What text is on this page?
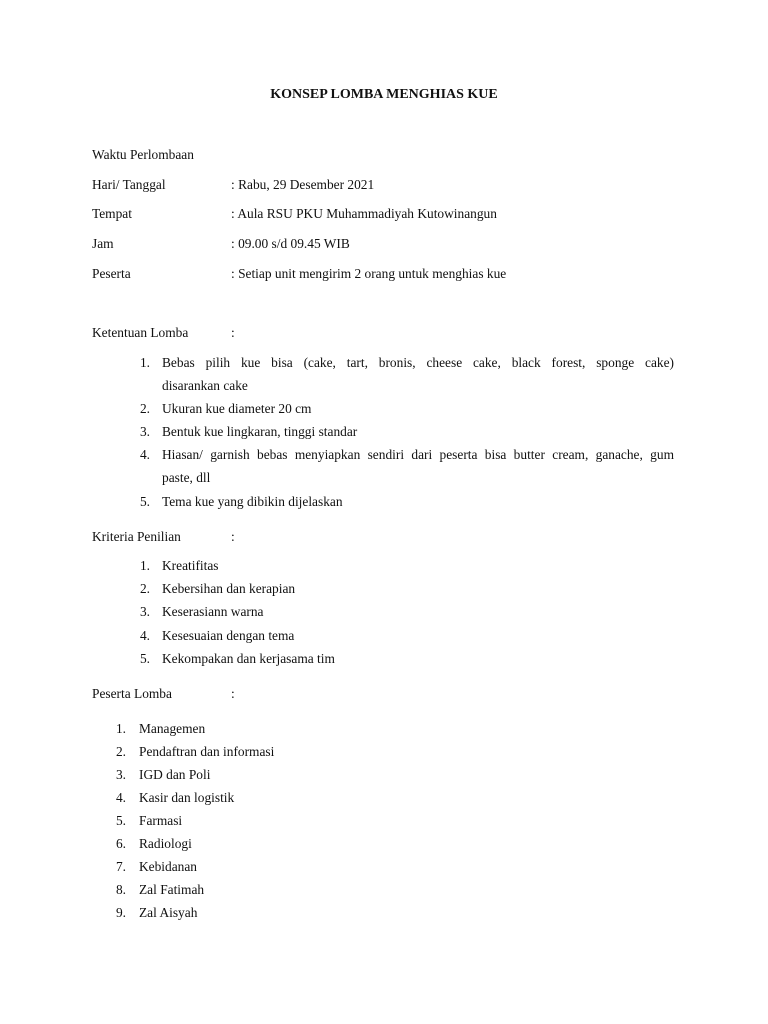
KONSEP LOMBA MENGHIAS KUE
Waktu Perlombaan
Hari/ Tanggal	: Rabu, 29 Desember 2021
Tempat	: Aula RSU PKU Muhammadiyah Kutowinangun
Jam	: 09.00 s/d 09.45 WIB
Peserta	: Setiap unit mengirim 2 orang untuk menghias kue
Ketentuan Lomba	:
1. Bebas pilih kue bisa (cake, tart, bronis, cheese cake, black forest, sponge cake)
disarankan cake
2. Ukuran kue diameter 20 cm
3. Bentuk kue lingkaran, tinggi standar
4. Hiasan/ garnish bebas menyiapkan sendiri dari peserta bisa butter cream, ganache, gum
paste, dll
5. Tema kue yang dibikin dijelaskan
Kriteria Penilian	:
1. Kreatifitas
2. Kebersihan dan kerapian
3. Keserasiann warna
4. Kesesuaian dengan tema
5. Kekompakan dan kerjasama tim
Peserta Lomba	:
1. Managemen
2. Pendaftran dan informasi
3. IGD dan Poli
4. Kasir dan logistik
5. Farmasi
6. Radiologi
7. Kebidanan
8. Zal Fatimah
9. Zal Aisyah
